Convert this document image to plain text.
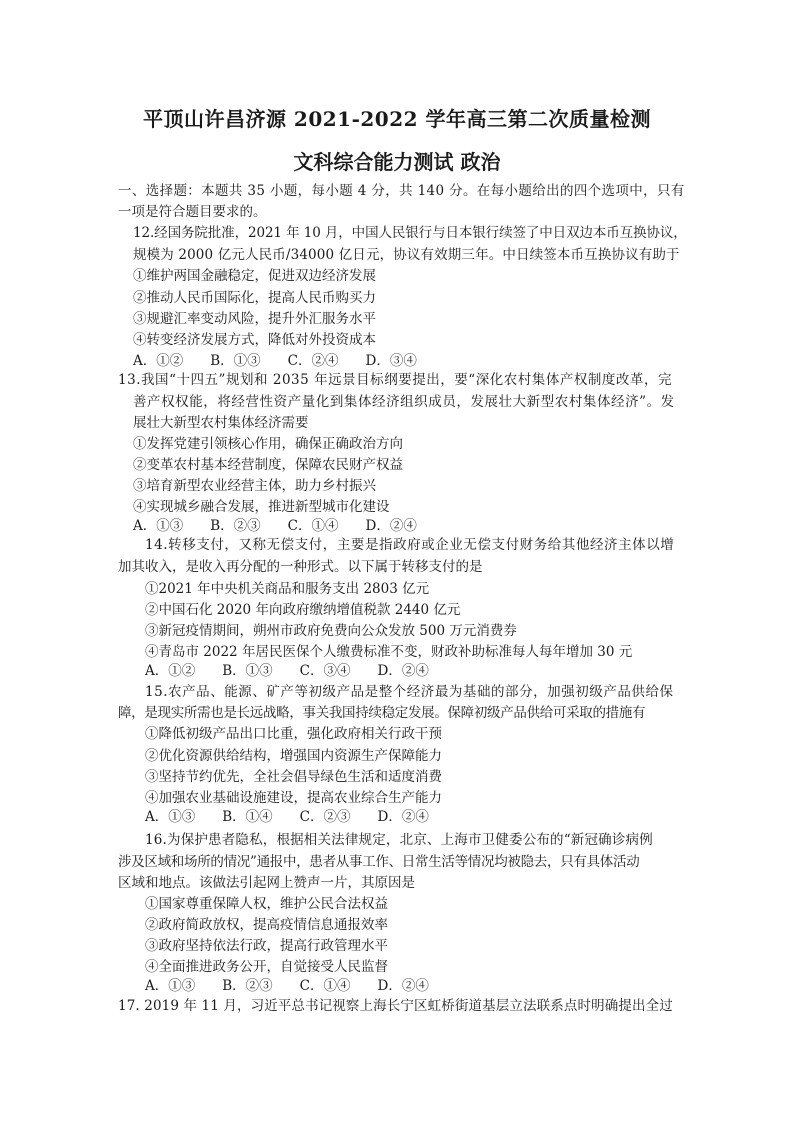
平顶山许昌济源 2021-2022 学年高三第二次质量检测
文科综合能力测试 政治
一、选择题：本题共 35 小题，每小题 4 分，共 140 分。在每小题给出的四个选项中，只有
一项是符合题目要求的。
12.经国务院批准，2021 年 10 月，中国人民银行与日本银行续签了中日双边本币互换协议，
规模为 2000 亿元人民币/34000 亿日元，协议有效期三年。中日续签本币互换协议有助于
①维护两国金融稳定，促进双边经济发展
②推动人民币国际化，提高人民币购买力
③规避汇率变动风险，提升外汇服务水平
④转变经济发展方式，降低对外投资成本
A．①②　　B．①③　　C．②④　　D．③④
13.我国“十四五”规划和 2035 年远景目标纲要提出，要“深化农村集体产权制度改革，完
善产权权能，将经营性资产量化到集体经济组织成员，发展壮大新型农村集体经济”。发
展壮大新型农村集体经济需要
①发挥党建引领核心作用，确保正确政治方向
②变革农村基本经营制度，保障农民财产权益
③培育新型农业经营主体，助力乡村振兴
④实现城乡融合发展，推进新型城市化建设
A．①③　　B．②③　　C．①④　　D．②④
14.转移支付，又称无偿支付，主要是指政府或企业无偿支付财务给其他经济主体以增
加其收入，是收入再分配的一种形式。以下属于转移支付的是
①2021 年中央机关商品和服务支出 2803 亿元
②中国石化 2020 年向政府缴纳增值税款 2440 亿元
③新冠疫情期间，朔州市政府免费向公众发放 500 万元消费券
④青岛市 2022 年居民医保个人缴费标准不变，财政补助标准每人每年增加 30 元
A．①②　　B．①③　　C．③④　　D．②④
15.农产品、能源、矿产等初级产品是整个经济最为基础的部分，加强初级产品供给保
障，是现实所需也是长远战略，事关我国持续稳定发展。保障初级产品供给可采取的措施有
①降低初级产品出口比重，强化政府相关行政干预
②优化资源供给结构，增强国内资源生产保障能力
③坚持节约优先，全社会倡导绿色生活和适度消费
④加强农业基础设施建设，提高农业综合生产能力
A．①③　　B．①④　　C．②③　　D．②④
16.为保护患者隐私，根据相关法律规定，北京、上海市卫健委公布的“新冠确诊病例
涉及区域和场所的情况”通报中，患者从事工作、日常生活等情况均被隐去，只有具体活动
区域和地点。该做法引起网上赞声一片，其原因是
①国家尊重保障人权，维护公民合法权益
②政府简政放权，提高疫情信息通报效率
③政府坚持依法行政，提高行政管理水平
④全面推进政务公开，自觉接受人民监督
A．①③　　B．②③　　C．①④　　D．②④
17. 2019 年 11 月，习近平总书记视察上海长宁区虹桥街道基层立法联系点时明确提出全过
